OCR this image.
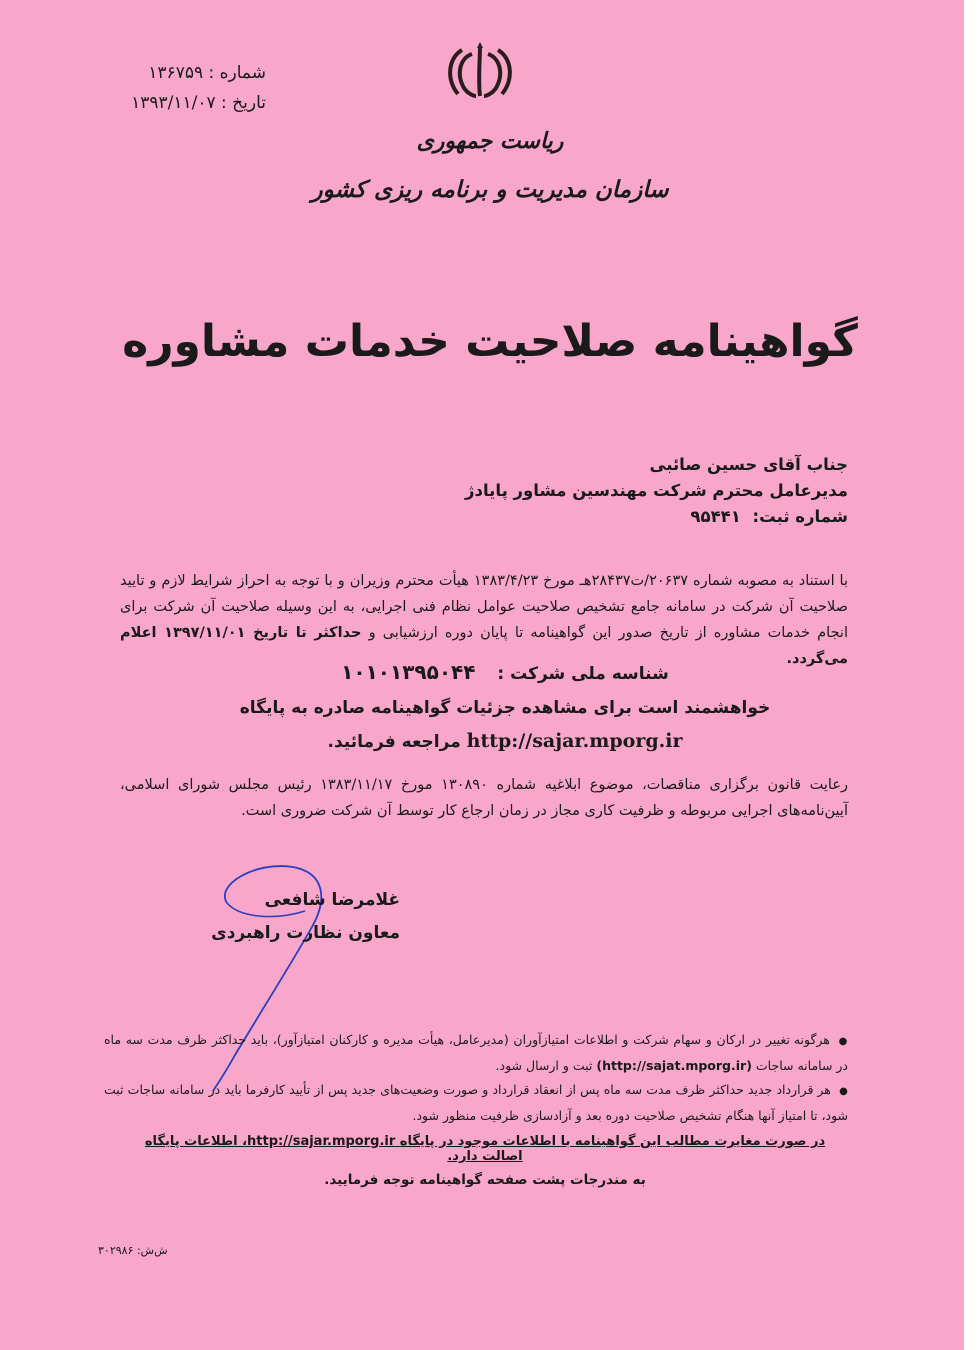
شماره : ۱۳۶۷۵۹
تاریخ : ۱۳۹۳/۱۱/۰۷
ریاست جمهوری
سازمان مدیریت و برنامه ریزی کشور
گواهینامه صلاحیت خدمات مشاوره
جناب آقای حسین صائبی
مدیرعامل محترم شرکت مهندسین مشاور پایادژ
شماره ثبت: ۹۵۴۴۱
با استناد به مصوبه شماره ۲۰۶۳۷/ت۲۸۴۳۷هـ مورخ ۱۳۸۳/۴/۲۳ هیأت محترم وزیران و با توجه به احراز شرایط لازم و تایید صلاحیت آن شرکت در سامانه جامع تشخیص صلاحیت عوامل نظام فنی اجرایی، به این وسیله صلاحیت آن شرکت برای انجام خدمات مشاوره از تاریخ صدور این گواهینامه تا پایان دوره ارزشیابی و حداکثر تا تاریخ ۱۳۹۷/۱۱/۰۱ اعلام می‌گردد.
شناسه ملی شرکت : ۱۰۱۰۱۳۹۵۰۴۴
خواهشمند است برای مشاهده جزئیات گواهینامه صادره به پایگاه
http://sajar.mporg.ir مراجعه فرمائید.
رعایت قانون برگزاری مناقصات، موضوع ابلاغیه شماره ۱۳۰۸۹۰ مورخ ۱۳۸۳/۱۱/۱۷ رئیس مجلس شورای اسلامی، آیین‌نامه‌های اجرایی مربوطه و ظرفیت کاری مجاز در زمان ارجاع کار توسط آن شرکت ضروری است.
غلامرضا شافعی
معاون نظارت راهبردی
● هرگونه تغییر در ارکان و سهام شرکت و اطلاعات امتیازآوران (مدیرعامل، هیأت مدیره و کارکنان امتیازآور)، باید حداکثر ظرف مدت سه ماه در سامانه ساجات (http://sajat.mporg.ir) ثبت و ارسال شود.
● هر قرارداد جدید حداکثر ظرف مدت سه ماه پس از انعقاد قرارداد و صورت وضعیت‌های جدید پس از تأیید کارفرما باید در سامانه ساجات ثبت شود، تا امتیاز آنها هنگام تشخیص صلاحیت دوره بعد و آزادسازی ظرفیت منظور شود.
در صورت مغایرت مطالب این گواهینامه با اطلاعات موجود در پایگاه http://sajar.mporg.ir، اطلاعات پایگاه اصالت دارد.
به مندرجات پشت صفحه گواهینامه توجه فرمایید.
ش‌ش: ۳۰۲۹۸۶
